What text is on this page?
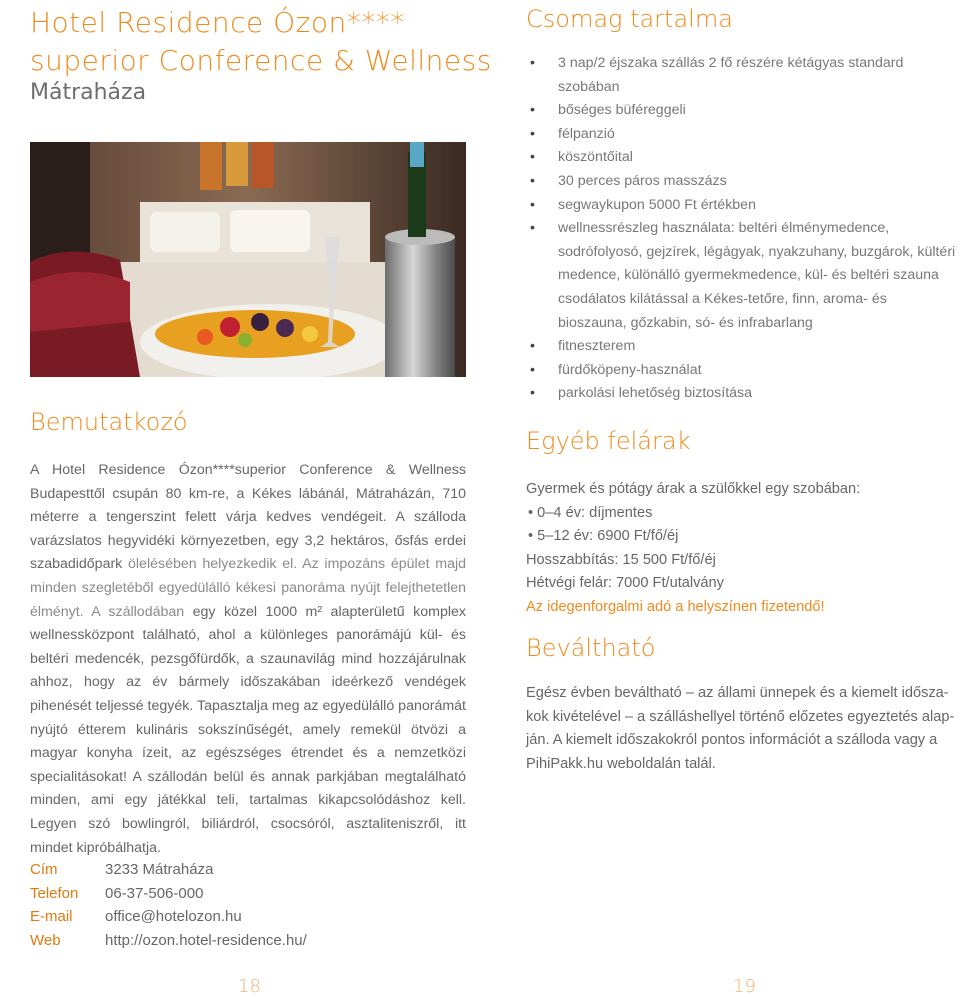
Hotel Residence Ózon****
superior Conference & Wellness
Mátraháza
Bemutatkozó

A Hotel Residence Ózon****superior Conference & Wellness Budapesttől csupán 80 km-re, a Kékes lábánál, Mátraházán, 710 méterre a tengerszint felett várja kedves vendégeit. A szálloda varázslatos hegyvidéki környezetben, egy 3,2 hektáros, ősfás erdei szabadidőpark ölelésében helyezkedik el. Az impozáns épület majd minden szegletéből egyedülálló kékesi panoráma nyújt felejthetetlen élményt. A szállodában egy közel 1000 m² alapterületű komplex wellnessközpont található, ahol a különleges panorámájú kül- és beltéri medencék, pezsgőfürdők, a szaunavilág mind hozzájárulnak ahhoz, hogy az év bármely időszakában ideérkező vendégek pihenését teljessé tegyék. Tapasztalja meg az egyedülálló panorámát nyújtó étterem kulináris sokszínűségét, amely remekül ötvözi a magyar konyha ízeit, az egészséges étrendet és a nemzetközi specialitásokat! A szállodán belül és annak parkjában megtalálható minden, ami egy játékkal teli, tartalmas kikapcsolódáshoz kell. Legyen szó bowlingról, biliárdról, csocsóról, asztaliteniszről, itt mindet kipróbálhatja.

Cím	3233 Mátraháza
Telefon	06-37-506-000
E-mail	office@hotelozon.hu
Web	http://ozon.hotel-residence.hu/
18
Csomag tartalma
• 3 nap/2 éjszaka szállás 2 fő részére kétágyas standard szobában
• bőséges büféreggeli
• félpanzió
• köszöntőital
• 30 perces páros masszázs
• segwaykupon 5000 Ft értékben
• wellnessrészleg használata: beltéri élménymedence, sodrófolyosó, gejzírek, légágyak, nyakzuhany, buzgárok, kültéri medence, különálló gyermekmedence, kül- és beltéri szauna csodálatos kilátással a Kékes-tetőre, finn, aroma- és bioszauna, gőzkabin, só- és infrabarlang
• fitneszterem
• fürdőköpeny-használat
• parkolási lehetőség biztosítása
Egyéb felárak
Gyermek és pótágy árak a szülőkkel egy szobában:
• 0–4 év: díjmentes
• 5–12 év: 6900 Ft/fő/éj
Hosszabbítás: 15 500 Ft/fő/éj
Hétvégi felár: 7000 Ft/utalvány
Az idegenforgalmi adó a helyszínen fizetendő!
Beváltható
Egész évben beváltható – az állami ünnepek és a kiemelt idősza-
kok kivételével – a szálláshellyel történő előzetes egyeztetés alap-
ján. A kiemelt időszakokról pontos információt a szálloda vagy a
PihiPakk.hu weboldalán talál.
19
